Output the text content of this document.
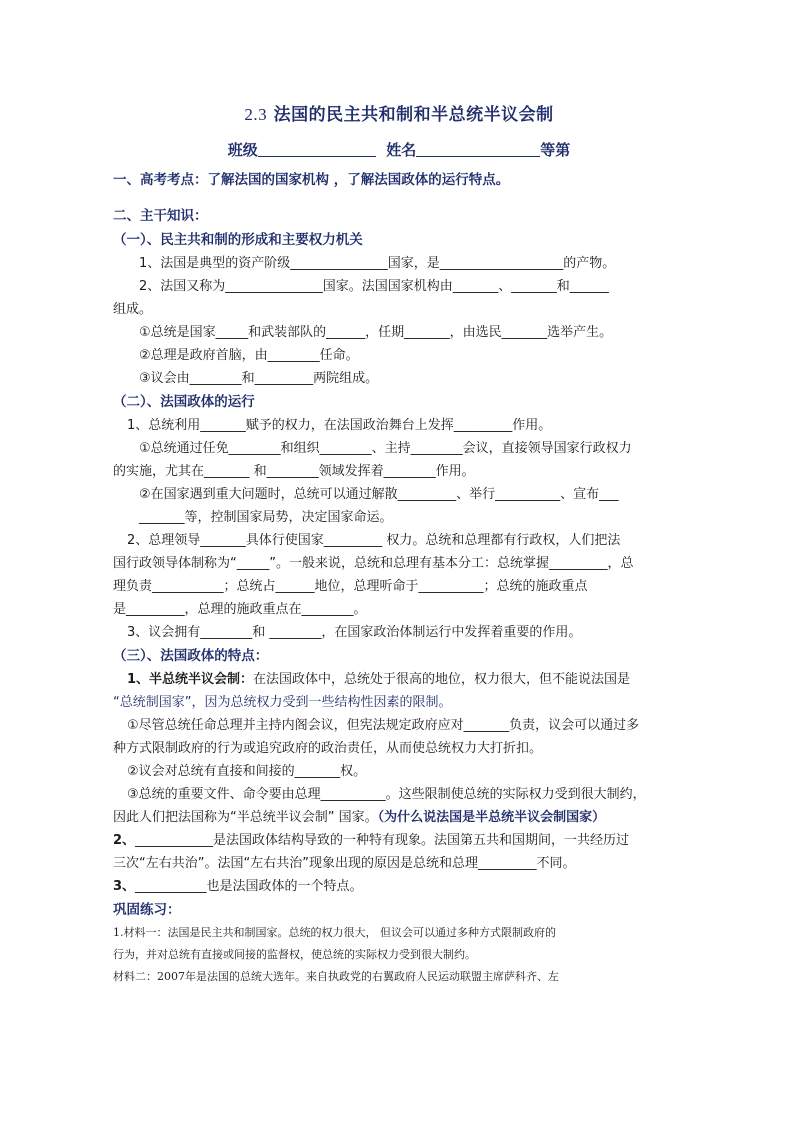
2.3 法国的民主共和制和半总统半议会制
班级	姓名	等第
一、高考考点：了解法国的国家机构 ，了解法国政体的运行特点。
二、主干知识：
（一）、民主共和制的形成和主要权力机关
1、法国是典型的资产阶级_______________国家，是___________________的产物。
2、法国又称为_______________国家。法国国家机构由_______、_______和______
组成。
①总统是国家_____和武装部队的______，任期_______，由选民_______选举产生。
②总理是政府首脑，由________任命。
③议会由________和_________两院组成。
（二）、法国政体的运行
1、总统利用_______赋予的权力，在法国政治舞台上发挥_________作用。
①总统通过任免________和组织________、主持________会议，直接领导国家行政权力
的实施，尤其在_______ 和________领域发挥着________作用。
②在国家遇到重大问题时，总统可以通过解散_________、举行__________、宣布___
_______等，控制国家局势，决定国家命运。
2、总理领导_______具体行使国家_________ 权力。总统和总理都有行政权，人们把法
国行政领导体制称为“_____”。一般来说，总统和总理有基本分工：总统掌握_________，总
理负责___________；总统占______地位，总理听命于__________；总统的施政重点
是_________，总理的施政重点在________。
3、议会拥有________和 ________，在国家政治体制运行中发挥着重要的作用。
（三）、法国政体的特点：
1、半总统半议会制：在法国政体中，总统处于很高的地位，权力很大，但不能说法国是
“总统制国家”，因为总统权力受到一些结构性因素的限制。
①尽管总统任命总理并主持内阁会议，但宪法规定政府应对_______负责，议会可以通过多
种方式限制政府的行为或追究政府的政治责任，从而使总统权力大打折扣。
②议会对总统有直接和间接的_______权。
③总统的重要文件、命令要由总理__________。这些限制使总统的实际权力受到很大制约，
因此人们把法国称为“半总统半议会制” 国家。（为什么说法国是半总统半议会制国家）
2、____________是法国政体结构导致的一种特有现象。法国第五共和国期间，一共经历过
三次“左右共治”。法国“左右共治”现象出现的原因是总统和总理_________不同。
3、___________也是法国政体的一个特点。
巩固练习：
1.材料一：法国是民主共和制国家。总统的权力很大， 但议会可以通过多种方式限制政府的
行为，并对总统有直接或间接的监督权，使总统的实际权力受到很大制约。
材料二：2007年是法国的总统大选年。来自执政党的右翼政府人民运动联盟主席萨科齐、左
